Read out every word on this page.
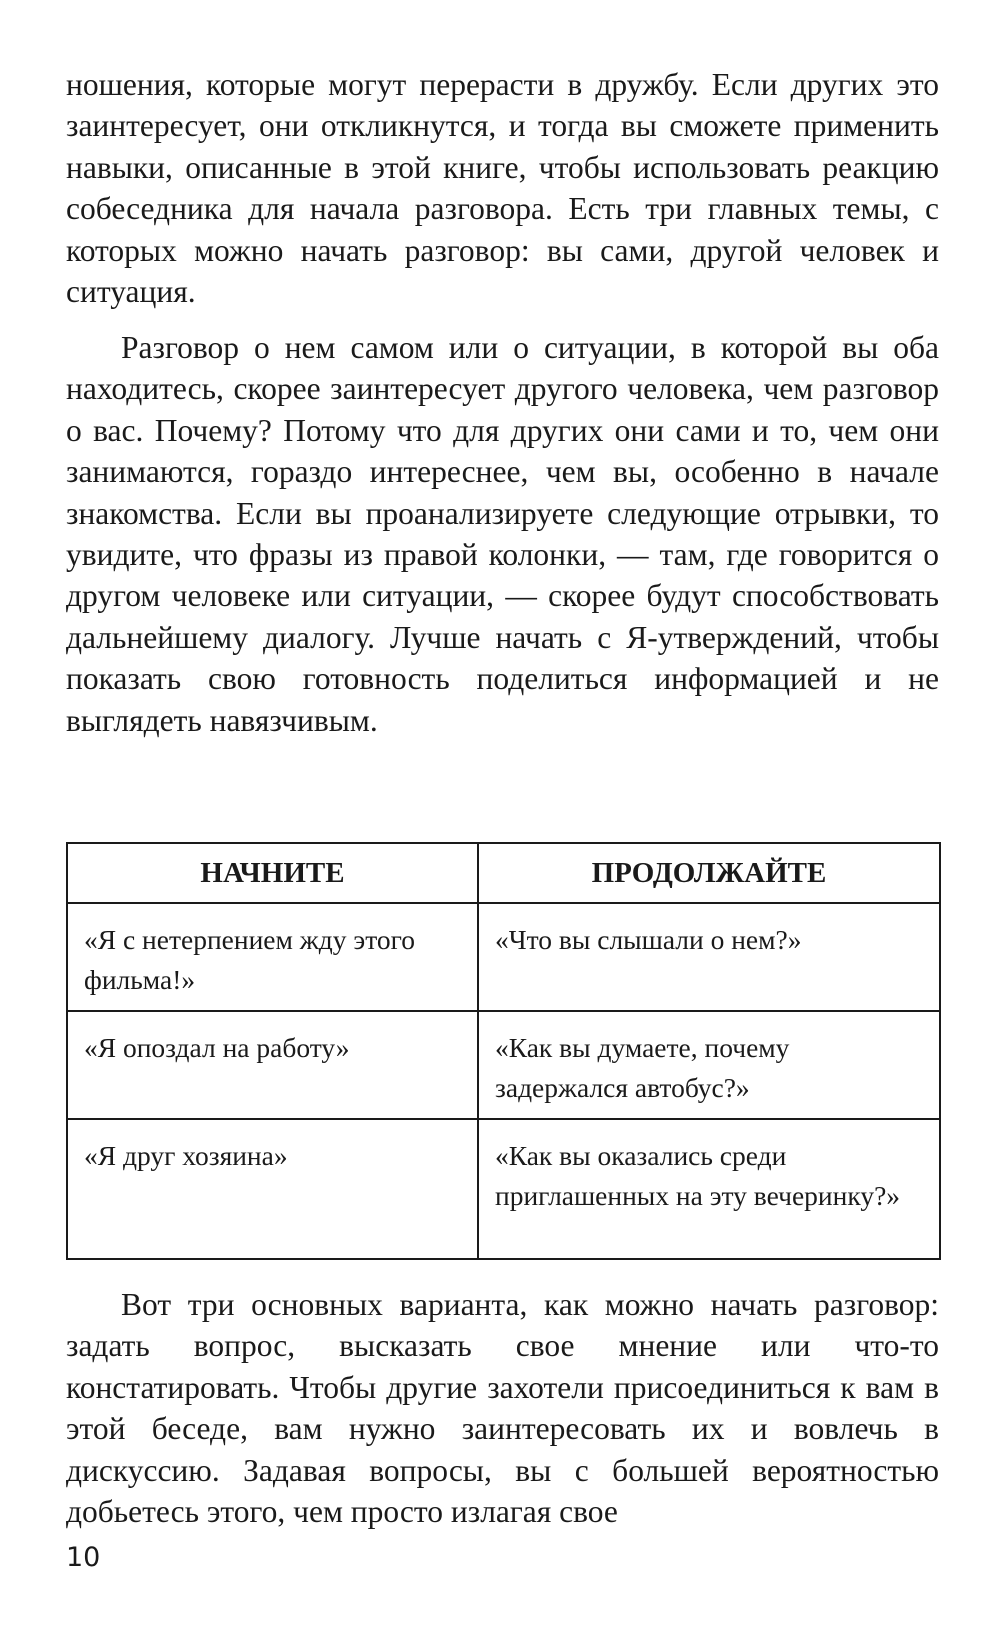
ношения, которые могут перерасти в дружбу. Если других это заинтересует, они откликнутся, и тогда вы сможете применить навыки, описанные в этой книге, чтобы использовать реакцию собеседника для начала разговора. Есть три главных темы, с которых можно начать разговор: вы сами, другой человек и ситуация.

Разговор о нем самом или о ситуации, в которой вы оба находитесь, скорее заинтересует другого человека, чем разговор о вас. Почему? Потому что для других они сами и то, чем они занимаются, гораздо интереснее, чем вы, особенно в начале знакомства. Если вы проанализируете следующие отрывки, то увидите, что фразы из правой колонки, — там, где говорится о другом человеке или ситуации, — скорее будут способствовать дальнейшему диалогу. Лучше начать с Я-утверждений, чтобы показать свою готовность поделиться информацией и не выглядеть навязчивым.

НАЧНИТЕ	ПРОДОЛЖАЙТЕ
«Я с нетерпением жду этого фильма!»	«Что вы слышали о нем?»
«Я опоздал на работу»	«Как вы думаете, почему задержался автобус?»
«Я друг хозяина»	«Как вы оказались среди приглашенных на эту вечеринку?»

Вот три основных варианта, как можно начать разговор: задать вопрос, высказать свое мнение или что-то констатировать. Чтобы другие захотели присоединиться к вам в этой беседе, вам нужно заинтересовать их и вовлечь в дискуссию. Задавая вопросы, вы с большей вероятностью добьетесь этого, чем просто излагая свое

10
